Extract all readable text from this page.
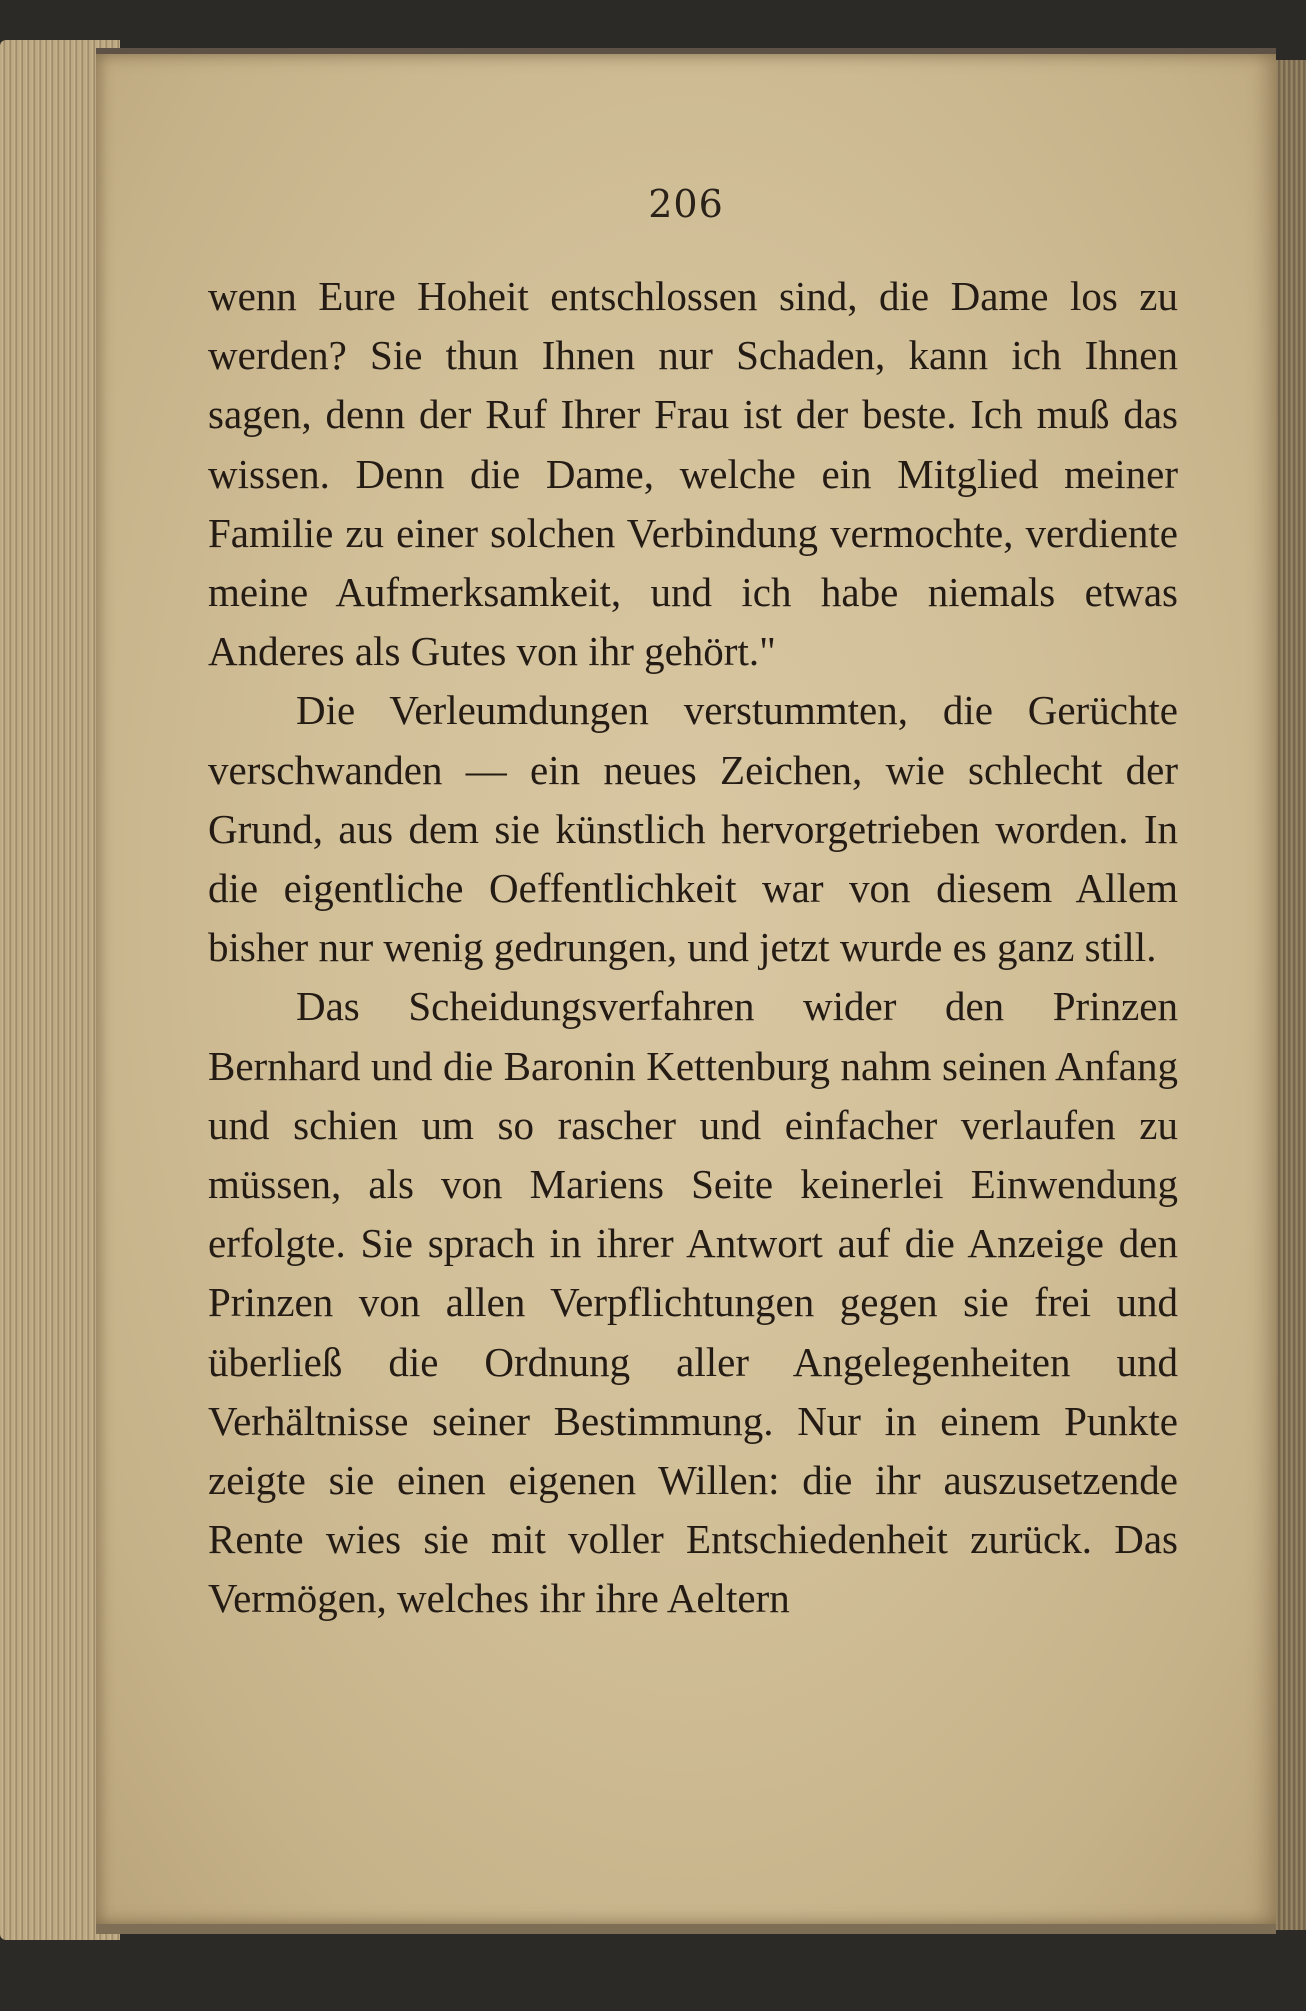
206

wenn Eure Hoheit entschlossen sind, die Dame los zu werden? Sie thun Ihnen nur Schaden, kann ich Ihnen sagen, denn der Ruf Ihrer Frau ist der beste. Ich muß das wissen. Denn die Dame, welche ein Mitglied meiner Familie zu einer solchen Verbindung vermochte, verdiente meine Aufmerksamkeit, und ich habe niemals etwas Anderes als Gutes von ihr gehört."

Die Verleumdungen verstummten, die Gerüchte verschwanden — ein neues Zeichen, wie schlecht der Grund, aus dem sie künstlich hervorgetrieben worden. In die eigentliche Oeffentlichkeit war von diesem Allem bisher nur wenig gedrungen, und jetzt wurde es ganz still.

Das Scheidungsverfahren wider den Prinzen Bernhard und die Baronin Kettenburg nahm seinen Anfang und schien um so rascher und einfacher verlaufen zu müssen, als von Mariens Seite keinerlei Einwendung erfolgte. Sie sprach in ihrer Antwort auf die Anzeige den Prinzen von allen Verpflichtungen gegen sie frei und überließ die Ordnung aller Angelegenheiten und Verhältnisse seiner Bestimmung. Nur in einem Punkte zeigte sie einen eigenen Willen: die ihr auszusetzende Rente wies sie mit voller Entschiedenheit zurück. Das Vermögen, welches ihr ihre Aeltern
